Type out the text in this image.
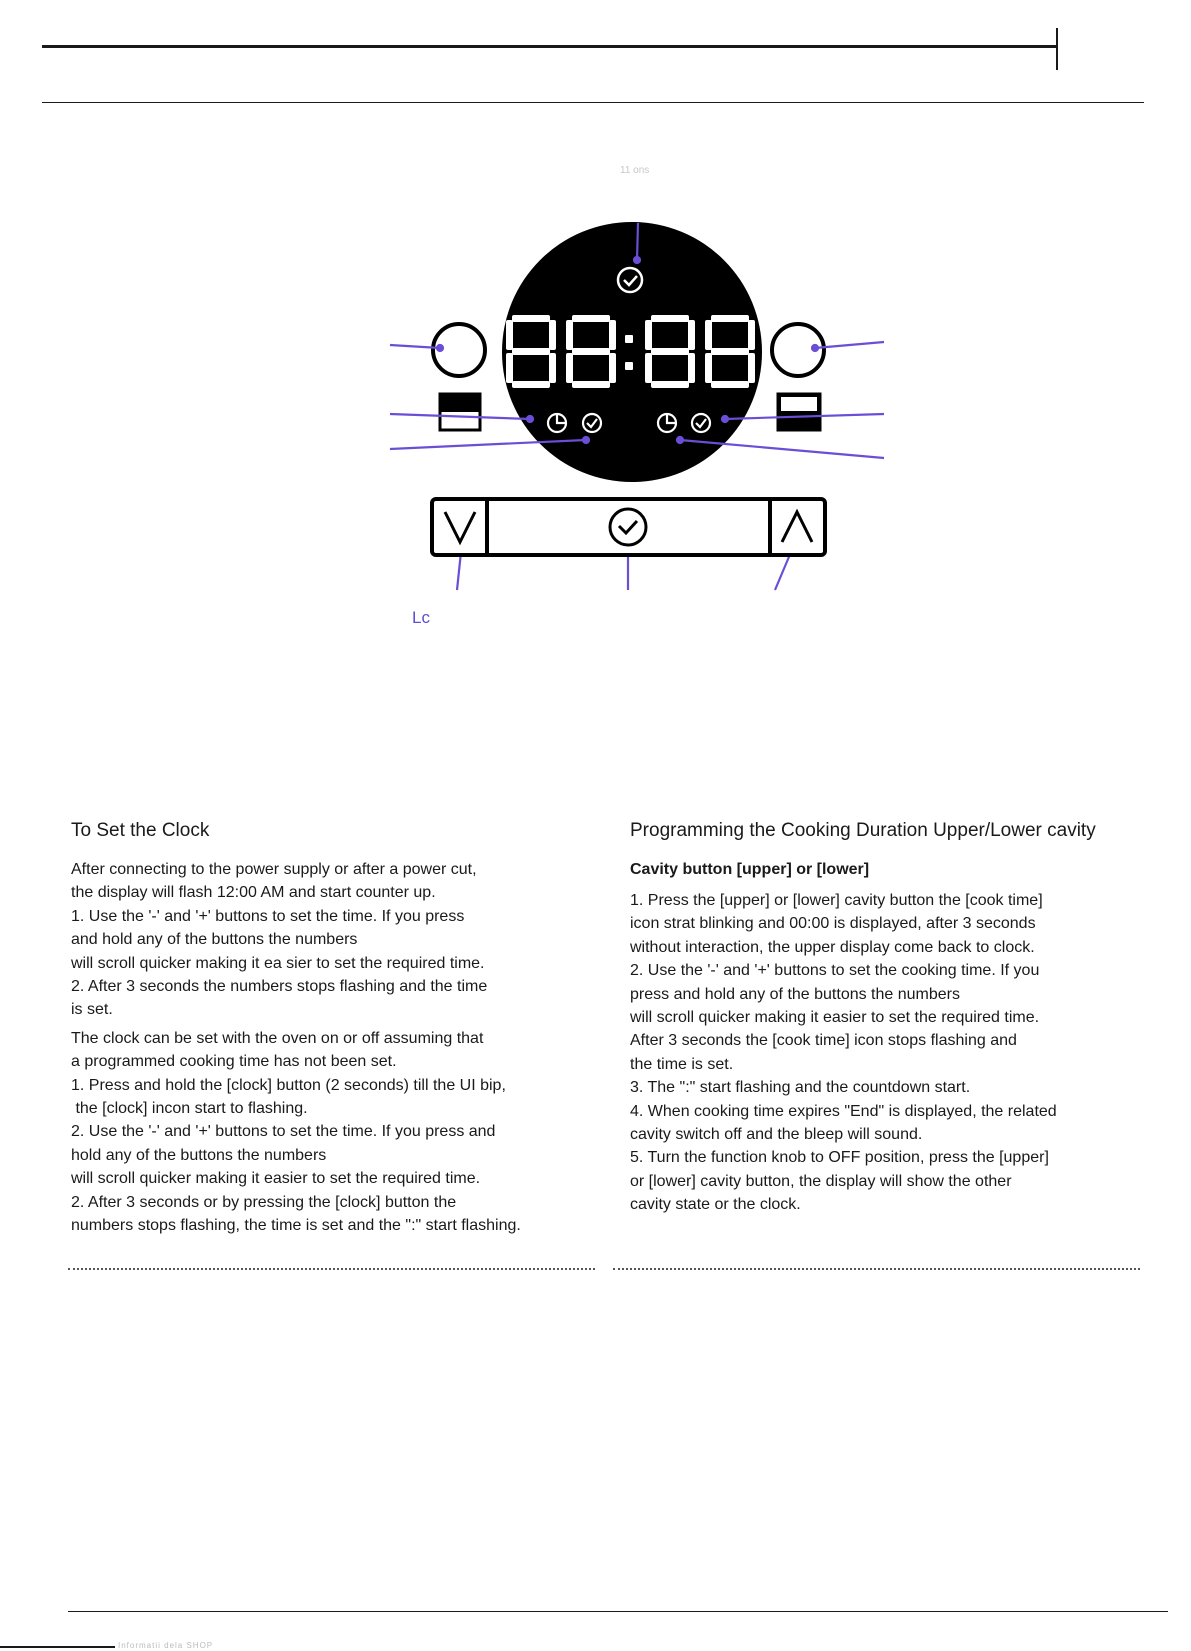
11 ons
Lc
To Set the Clock

After connecting to the power supply or after a power cut,
the display will flash 12:00 AM and start counter up.
1. Use the '-' and '+' buttons to set the time. If you press
and hold any of the buttons the numbers
will scroll quicker making it ea sier to set the required time.
2. After 3 seconds the numbers stops flashing and the time
is set.

The clock can be set with the oven on or off assuming that
a programmed cooking time has not been set.
1. Press and hold the [clock] button (2 seconds) till the UI bip,
the [clock] incon start to flashing.
2. Use the '-' and '+' buttons to set the time. If you press and
hold any of the buttons the numbers
will scroll quicker making it easier to set the required time.
2. After 3 seconds or by pressing the [clock] button the
numbers stops flashing, the time is set and the ":" start flashing.

Programming the Cooking Duration Upper/Lower cavity
Cavity button [upper] or [lower]

1. Press the [upper] or [lower] cavity button the [cook time]
icon strat blinking and 00:00 is displayed, after 3 seconds
without interaction, the upper display come back to clock.
2. Use the '-' and '+' buttons to set the cooking time. If you
press and hold any of the buttons the numbers
will scroll quicker making it easier to set the required time.
After 3 seconds the [cook time] icon stops flashing and
the time is set.
3. The ":" start flashing and the countdown start.
4. When cooking time expires "End" is displayed, the related
cavity switch off and the bleep will sound.
5. Turn the function knob to OFF position, press the [upper]
or [lower] cavity button, the display will show the other
cavity state or the clock.

Informatii dela SHOP
